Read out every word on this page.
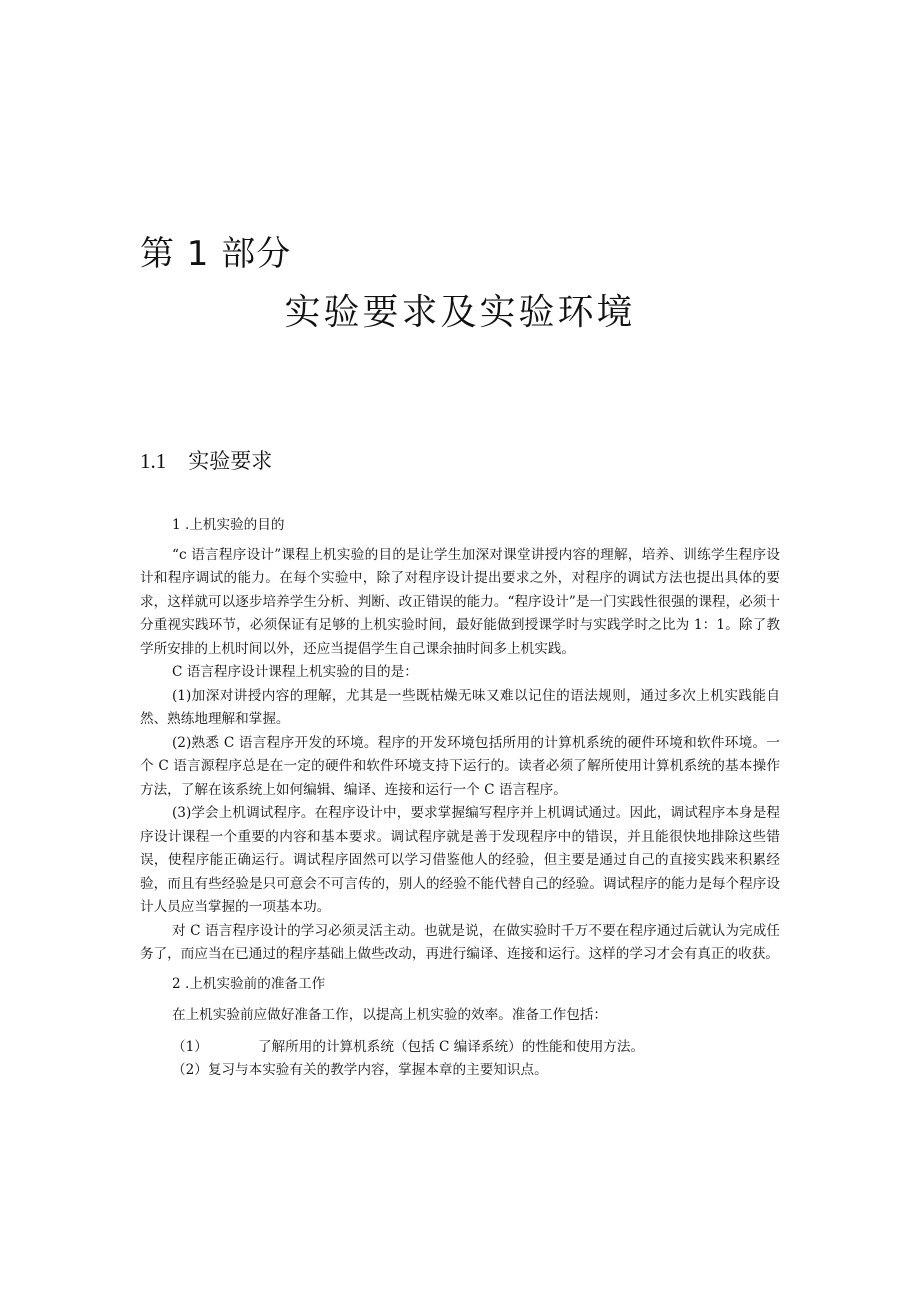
第 1 部分
实验要求及实验环境
1.1 实验要求

1 .上机实验的目的

“c 语言程序设计”课程上机实验的目的是让学生加深对课堂讲授内容的理解，培养、训练学生程序设计和程序调试的能力。在每个实验中，除了对程序设计提出要求之外，对程序的调试方法也提出具体的要求，这样就可以逐步培养学生分析、判断、改正错误的能力。“程序设计”是一门实践性很强的课程，必须十分重视实践环节，必须保证有足够的上机实验时间，最好能做到授课学时与实践学时之比为 1：1。除了教学所安排的上机时间以外，还应当提倡学生自己课余抽时间多上机实践。

C 语言程序设计课程上机实验的目的是：

(1)加深对讲授内容的理解，尤其是一些既枯燥无味又难以记住的语法规则，通过多次上机实践能自然、熟练地理解和掌握。

(2)熟悉 C 语言程序开发的环境。程序的开发环境包括所用的计算机系统的硬件环境和软件环境。一个 C 语言源程序总是在一定的硬件和软件环境支持下运行的。读者必须了解所使用计算机系统的基本操作方法，了解在该系统上如何编辑、编译、连接和运行一个 C 语言程序。

(3)学会上机调试程序。在程序设计中，要求掌握编写程序并上机调试通过。因此，调试程序本身是程序设计课程一个重要的内容和基本要求。调试程序就是善于发现程序中的错误，并且能很快地排除这些错误，使程序能正确运行。调试程序固然可以学习借鉴他人的经验，但主要是通过自己的直接实践来积累经验，而且有些经验是只可意会不可言传的，别人的经验不能代替自己的经验。调试程序的能力是每个程序设计人员应当掌握的一项基本功。

对 C 语言程序设计的学习必须灵活主动。也就是说，在做实验时千万不要在程序通过后就认为完成任务了，而应当在已通过的程序基础上做些改动，再进行编译、连接和运行。这样的学习才会有真正的收获。

2 .上机实验前的准备工作

在上机实验前应做好准备工作，以提高上机实验的效率。准备工作包括：

（1）	了解所用的计算机系统（包括 C 编译系统）的性能和使用方法。

（2）复习与本实验有关的教学内容，掌握本章的主要知识点。
